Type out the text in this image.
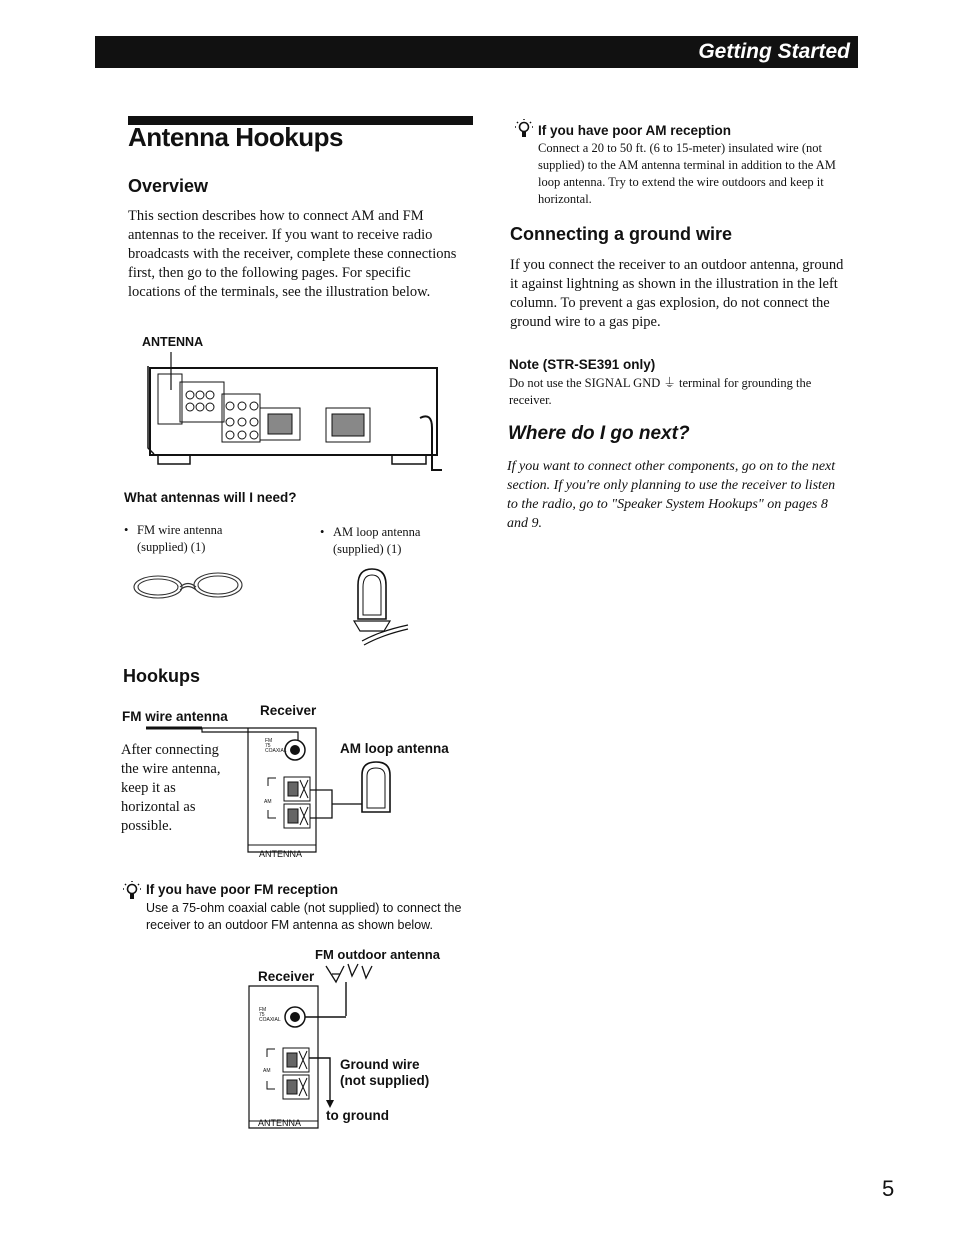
Getting Started
Antenna Hookups
Overview
This section describes how to connect AM and FM antennas to the receiver. If you want to receive radio broadcasts with the receiver, complete these connections first, then go to the following pages. For specific locations of the terminals, see the illustration below.
ANTENNA
What antennas will I need?
• FM wire antenna
(supplied) (1)
• AM loop antenna
(supplied) (1)
Hookups
FM wire antenna Receiver
AM loop antenna
After connecting the wire antenna, keep it as horizontal as possible.
FM
75
COAXIAL
AM
ANTENNA
If you have poor FM reception
Use a 75-ohm coaxial cable (not supplied) to connect the receiver to an outdoor FM antenna as shown below.
FM outdoor antenna
Receiver
Ground wire
(not supplied)
to ground
FM
75
COAXIAL
AM
ANTENNA
If you have poor AM reception
Connect a 20 to 50 ft. (6 to 15-meter) insulated wire (not supplied) to the AM antenna terminal in addition to the AM loop antenna. Try to extend the wire outdoors and keep it horizontal.
Connecting a ground wire
If you connect the receiver to an outdoor antenna, ground it against lightning as shown in the illustration in the left column. To prevent a gas explosion, do not connect the ground wire to a gas pipe.
Note (STR-SE391 only)
Do not use the SIGNAL GND ⏚ terminal for grounding the receiver.
Where do I go next?
If you want to connect other components, go on to the next section. If you're only planning to use the receiver to listen to the radio, go to "Speaker System Hookups" on pages 8 and 9.
5
